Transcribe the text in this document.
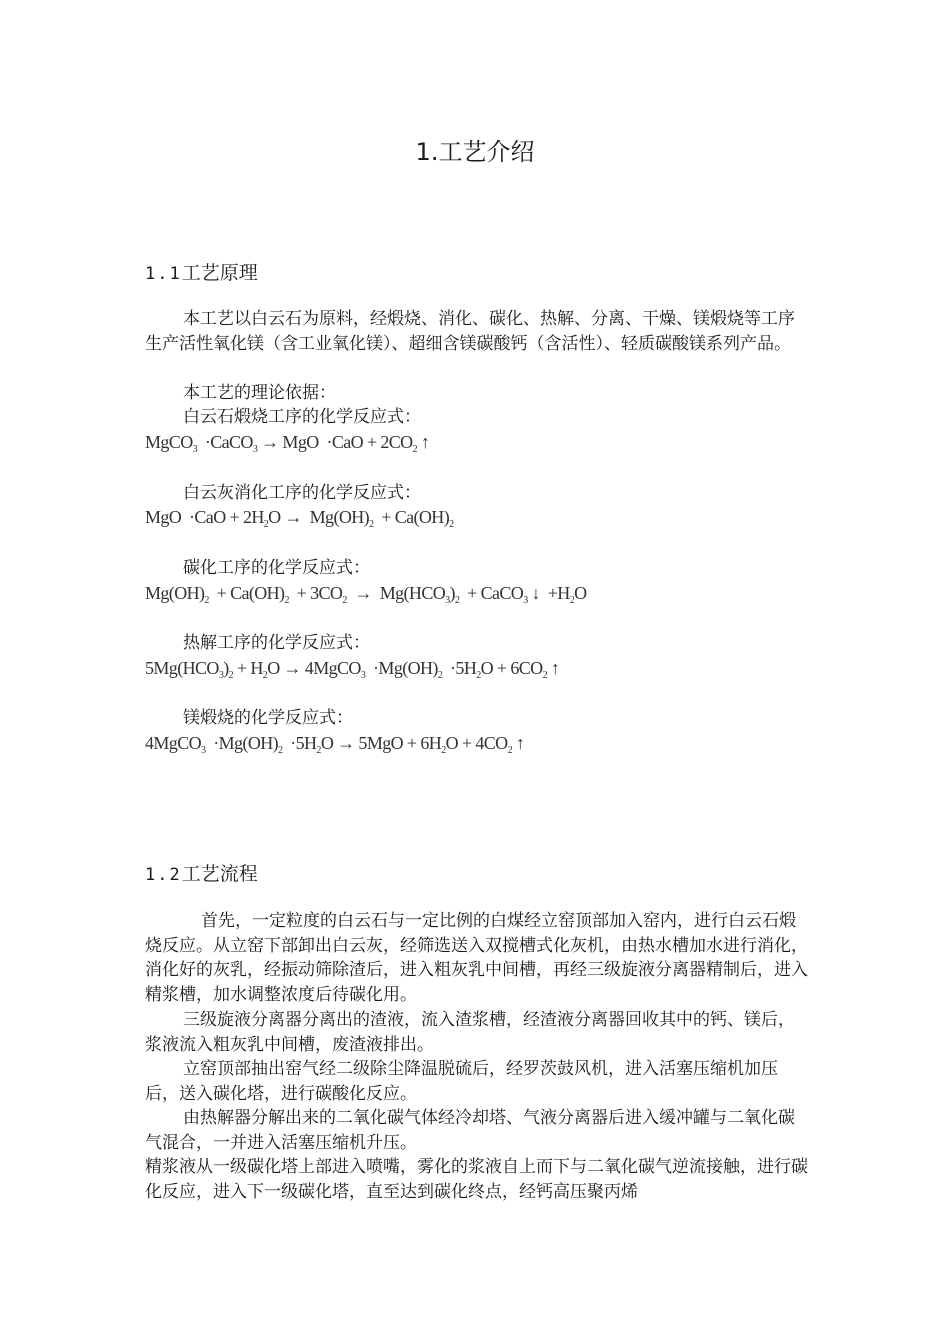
1.工艺介绍
1.1工艺原理

本工艺以白云石为原料，经煅烧、消化、碳化、热解、分离、干燥、镁煅烧等工序生产活性氧化镁（含工业氧化镁）、超细含镁碳酸钙（含活性）、轻质碳酸镁系列产品。

本工艺的理论依据：
白云石煅烧工序的化学反应式：
MgCO$_3$  ·CaCO$_3$ → MgO  $\cdot CaO + 2CO_2$ ↑
白云灰消化工序的化学反应式：
MgO  $\cdot CaO + 2H_2O \to Mg(OH)_2 + Ca(OH)_2$
碳化工序的化学反应式：
$Mg(OH)_2 + Ca(OH)_2 + 3CO_2 \to Mg(HCO_3)_2$  + CaCO$_3$ ↓  $+H_2O$
热解工序的化学反应式：
$5Mg(HCO_3)_2 + H_2O$ → 4MgCO$_3$  $\cdot Mg(OH)_2 \cdot 5H_2O + 6CO_2$ ↑
镁煅烧的化学反应式：
4MgCO$_3$  $\cdot Mg(OH)_2 \cdot 5H_2O \to 5MgO + 6H_2O + 4CO_2$ ↑
1.2工艺流程

首先，一定粒度的白云石与一定比例的白煤经立窑顶部加入窑内，进行白云石煅烧反应。从立窑下部卸出白云灰，经筛选送入双搅槽式化灰机，由热水槽加水进行消化，消化好的灰乳，经振动筛除渣后，进入粗灰乳中间槽，再经三级旋液分离器精制后，进入精浆槽，加水调整浓度后待碳化用。

三级旋液分离器分离出的渣液，流入渣浆槽，经渣液分离器回收其中的钙、镁后，浆液流入粗灰乳中间槽，废渣液排出。

立窑顶部抽出窑气经二级除尘降温脱硫后，经罗茨鼓风机，进入活塞压缩机加压后，送入碳化塔，进行碳酸化反应。

由热解器分解出来的二氧化碳气体经冷却塔、气液分离器后进入缓冲罐与二氧化碳气混合，一并进入活塞压缩机升压。

精浆液从一级碳化塔上部进入喷嘴，雾化的浆液自上而下与二氧化碳气逆流接触，进行碳化反应，进入下一级碳化塔，直至达到碳化终点，经钙高压聚丙烯
